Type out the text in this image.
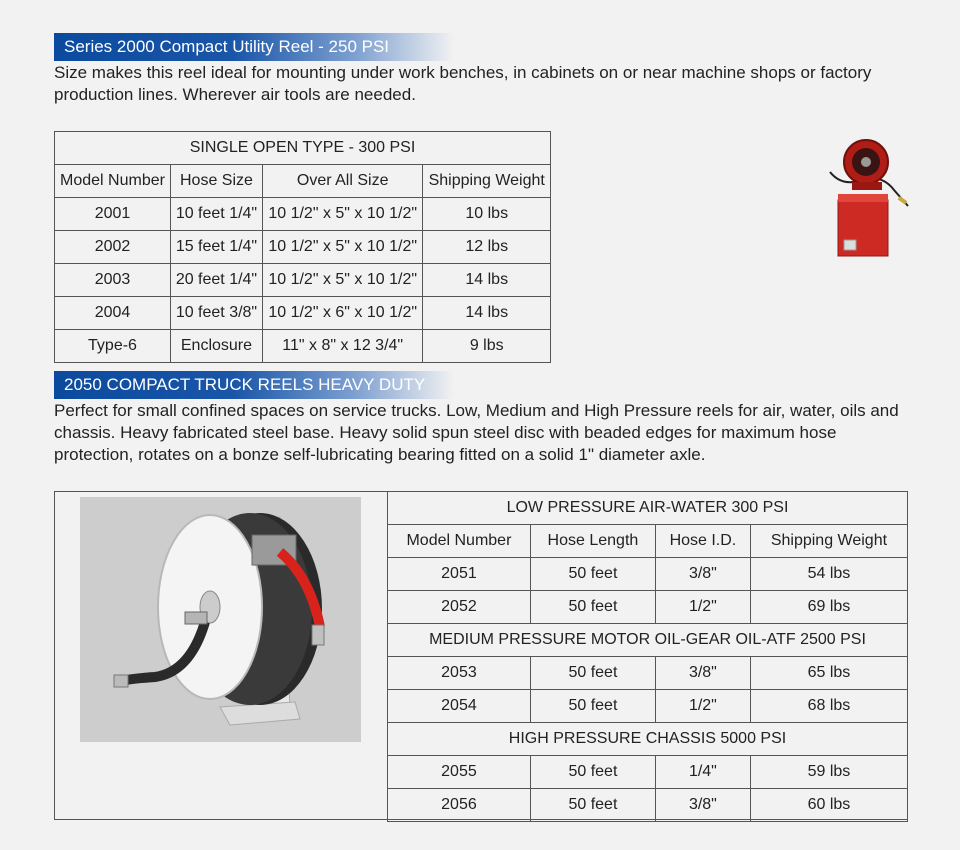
Series 2000 Compact Utility Reel - 250 PSI
Size makes this reel ideal for mounting under work benches, in cabinets on or near machine shops or factory production lines. Wherever air tools are needed.
SINGLE OPEN TYPE - 300 PSI			
Model Number	Hose Size	Over All Size	Shipping Weight
2001	10 feet 1/4"	10 1/2" x 5" x 10 1/2"	10 lbs
2002	15 feet 1/4"	10 1/2" x 5" x 10 1/2"	12 lbs
2003	20 feet 1/4"	10 1/2" x 5" x 10 1/2"	14 lbs
2004	10 feet 3/8"	10 1/2" x 6" x 10 1/2"	14 lbs
Type-6	Enclosure	11" x 8" x 12 3/4"	9 lbs
2050 COMPACT TRUCK REELS HEAVY DUTY
Perfect for small confined spaces on service trucks. Low, Medium and High Pressure reels for air, water, oils and chassis. Heavy fabricated steel base. Heavy solid spun steel disc with beaded edges for maximum hose protection, rotates on a bonze self-lubricating bearing fitted on a solid 1" diameter axle.
LOW PRESSURE AIR-WATER 300 PSI			
Model Number	Hose Length	Hose I.D.	Shipping Weight
2051	50 feet	3/8"	54 lbs
2052	50 feet	1/2"	69 lbs
MEDIUM PRESSURE MOTOR OIL-GEAR OIL-ATF 2500 PSI			
2053	50 feet	3/8"	65 lbs
2054	50 feet	1/2"	68 lbs
HIGH PRESSURE CHASSIS 5000 PSI			
2055	50 feet	1/4"	59 lbs
2056	50 feet	3/8"	60 lbs
